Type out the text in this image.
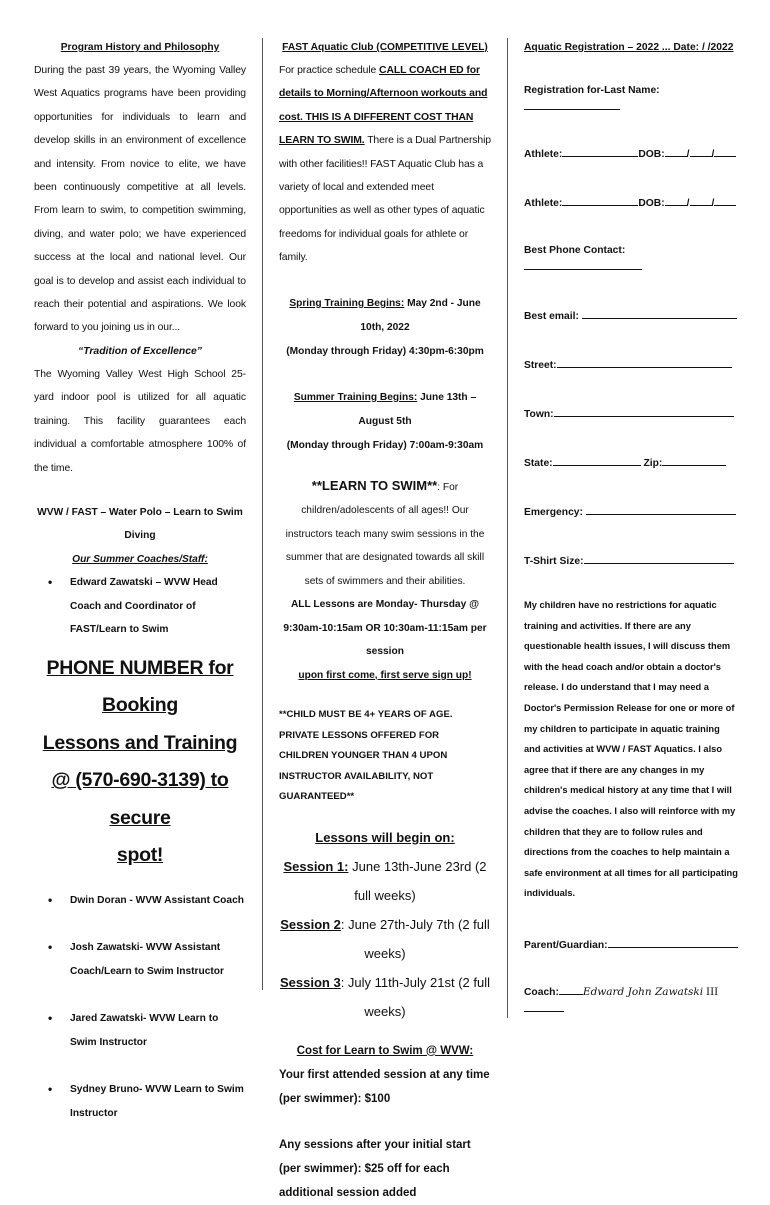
Program History and Philosophy

During the past 39 years, the Wyoming Valley West Aquatics programs have been providing opportunities for individuals to learn and develop skills in an environment of excellence and intensity. From novice to elite, we have been continuously competitive at all levels. From learn to swim, to competition swimming, diving, and water polo; we have experienced success at the local and national level. Our goal is to develop and assist each individual to reach their potential and aspirations. We look forward to you joining us in our...

“Tradition of Excellence”

The Wyoming Valley West High School 25-yard indoor pool is utilized for all aquatic training. This facility guarantees each individual a comfortable atmosphere 100% of the time.

WVW / FAST – Water Polo – Learn to Swim
Diving
Our Summer Coaches/Staff:
• Edward Zawatski – WVW Head Coach and Coordinator of FAST/Learn to Swim
PHONE NUMBER for Booking
Lessons and Training
@ (570-690-3139) to secure
spot!
• Dwin Doran - WVW Assistant Coach
• Josh Zawatski- WVW Assistant Coach/Learn to Swim Instructor
• Jared Zawatski- WVW Learn to Swim Instructor
• Sydney Bruno- WVW Learn to Swim Instructor
FAST Aquatic Club (COMPETITIVE LEVEL)

For practice schedule CALL COACH ED for details to Morning/Afternoon workouts and cost. THIS IS A DIFFERENT COST THAN LEARN TO SWIM. There is a Dual Partnership with other facilities!! FAST Aquatic Club has a variety of local and extended meet opportunities as well as other types of aquatic freedoms for individual goals for athlete or family.

Spring Training Begins: May 2nd - June 10th, 2022
(Monday through Friday) 4:30pm-6:30pm
Summer Training Begins: June 13th – August 5th
(Monday through Friday) 7:00am-9:30am

**LEARN TO SWIM**: For children/adolescents of all ages!! Our instructors teach many swim sessions in the summer that are designated towards all skill sets of swimmers and their abilities.

ALL Lessons are Monday- Thursday @
9:30am-10:15am OR 10:30am-11:15am per session
upon first come, first serve sign up!

**CHILD MUST BE 4+ YEARS OF AGE. PRIVATE LESSONS OFFERED FOR CHILDREN YOUNGER THAN 4 UPON INSTRUCTOR AVAILABILITY, NOT GUARANTEED**

Lessons will begin on:
Session 1: June 13th-June 23rd (2 full weeks)
Session 2: June 27th-July 7th (2 full weeks)
Session 3: July 11th-July 21st (2 full weeks)
Cost for Learn to Swim @ WVW:

Your first attended session at any time (per swimmer): $100

Any sessions after your initial start (per swimmer): $25 off for each additional session added

Aquatic Registration – 2022 ... Date: / /2022
Registration for-Last Name:
Athlete:	DOB: / /
Athlete:	DOB: / /
Best Phone Contact:
Best email:
Street:
Town:
State:	Zip:
Emergency:
T-Shirt Size:

My children have no restrictions for aquatic training and activities. If there are any questionable health issues, I will discuss them with the head coach and/or obtain a doctor's release. I do understand that I may need a Doctor's Permission Release for one or more of my children to participate in aquatic training and activities at WVW / FAST Aquatics. I also agree that if there are any changes in my children's medical history at any time that I will advise the coaches. I also will reinforce with my children that they are to follow rules and directions from the coaches to help maintain a safe environment at all times for all participating individuals.

Parent/Guardian:
Coach: Edward John Zawatski III
